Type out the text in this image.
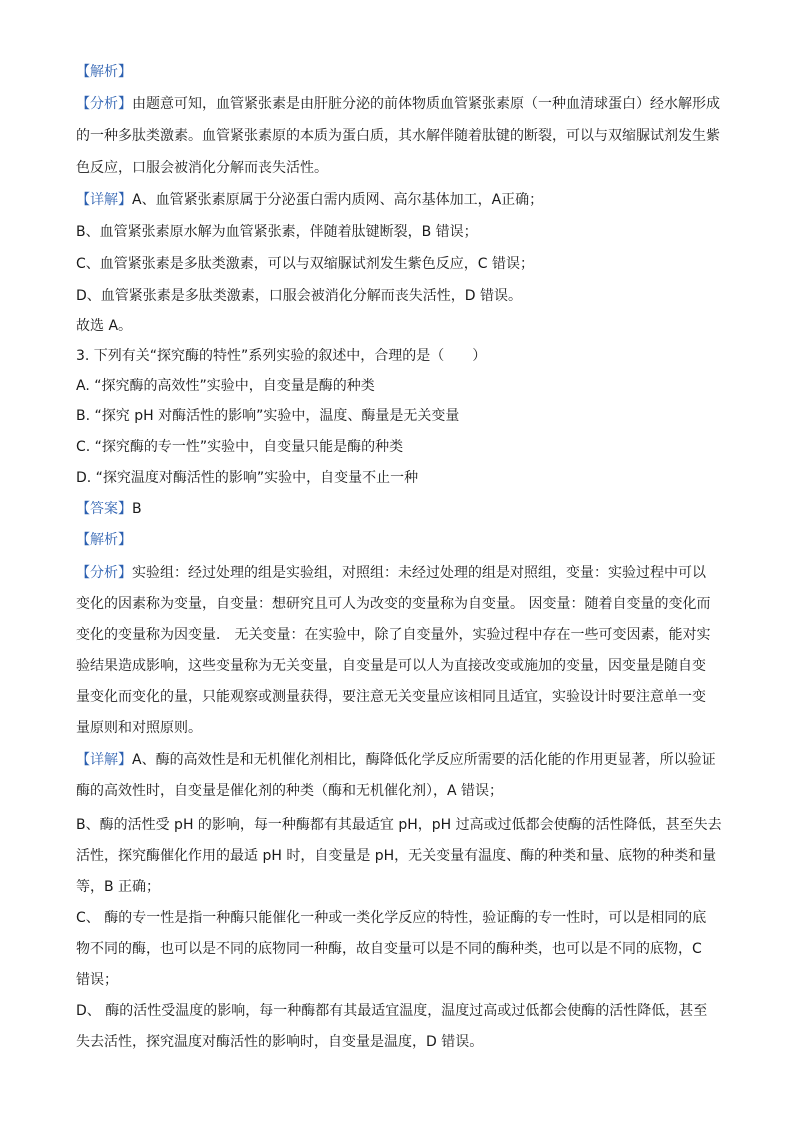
【解析】
【分析】由题意可知，血管紧张素是由肝脏分泌的前体物质血管紧张素原（一种血清球蛋白）经水解形成
的一种多肽类激素。血管紧张素原的本质为蛋白质，其水解伴随着肽键的断裂，可以与双缩脲试剂发生紫
色反应，口服会被消化分解而丧失活性。
【详解】A、血管紧张素原属于分泌蛋白需内质网、高尔基体加工，A正确；
B、血管紧张素原水解为血管紧张素，伴随着肽键断裂，B 错误；
C、血管紧张素是多肽类激素，可以与双缩脲试剂发生紫色反应，C 错误；
D、血管紧张素是多肽类激素，口服会被消化分解而丧失活性，D 错误。
故选 A。
3. 下列有关“探究酶的特性”系列实验的叙述中，合理的是（　　）
A. “探究酶的高效性”实验中，自变量是酶的种类
B. “探究 pH 对酶活性的影响”实验中，温度、酶量是无关变量
C. “探究酶的专一性”实验中，自变量只能是酶的种类
D. “探究温度对酶活性的影响”实验中，自变量不止一种
【答案】B
【解析】
【分析】实验组：经过处理的组是实验组，对照组：未经过处理的组是对照组，变量：实验过程中可以
变化的因素称为变量，自变量：想研究且可人为改变的变量称为自变量。 因变量：随着自变量的变化而
变化的变量称为因变量． 无关变量：在实验中，除了自变量外，实验过程中存在一些可变因素，能对实
验结果造成影响，这些变量称为无关变量，自变量是可以人为直接改变或施加的变量，因变量是随自变
量变化而变化的量，只能观察或测量获得，要注意无关变量应该相同且适宜，实验设计时要注意单一变
量原则和对照原则。
【详解】A、酶的高效性是和无机催化剂相比，酶降低化学反应所需要的活化能的作用更显著，所以验证
酶的高效性时，自变量是催化剂的种类（酶和无机催化剂），A 错误；
B、酶的活性受 pH 的影响，每一种酶都有其最适宜 pH，pH 过高或过低都会使酶的活性降低，甚至失去
活性，探究酶催化作用的最适 pH 时，自变量是 pH，无关变量有温度、酶的种类和量、底物的种类和量
等，B 正确；
C、 酶的专一性是指一种酶只能催化一种或一类化学反应的特性，验证酶的专一性时，可以是相同的底
物不同的酶，也可以是不同的底物同一种酶，故自变量可以是不同的酶种类，也可以是不同的底物，C
错误；
D、 酶的活性受温度的影响，每一种酶都有其最适宜温度，温度过高或过低都会使酶的活性降低，甚至
失去活性，探究温度对酶活性的影响时，自变量是温度，D 错误。
